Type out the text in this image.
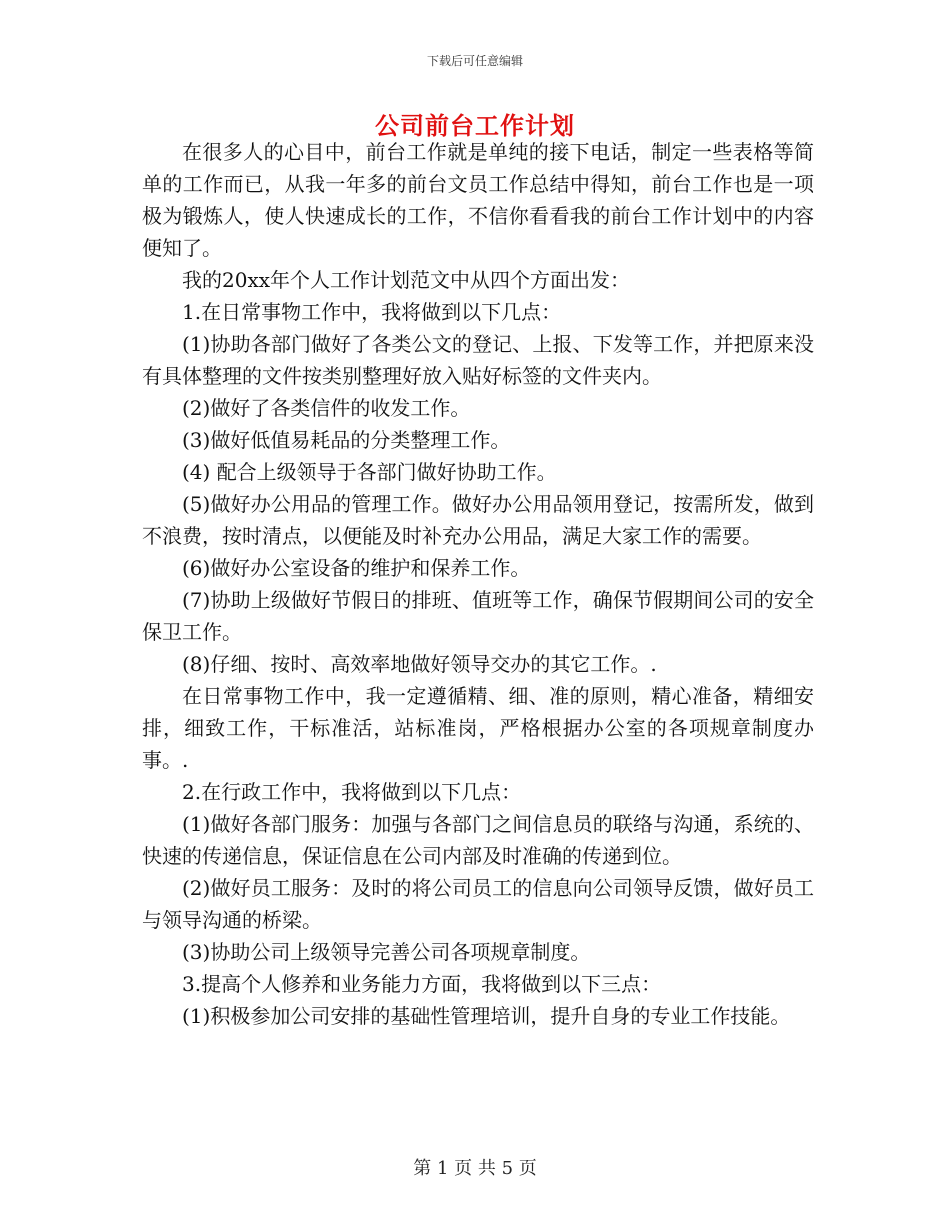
下载后可任意编辑
公司前台工作计划

在很多人的心目中，前台工作就是单纯的接下电话，制定一些表格等简单的工作而已，从我一年多的前台文员工作总结中得知，前台工作也是一项极为锻炼人，使人快速成长的工作，不信你看看我的前台工作计划中的内容便知了。

我的20xx年个人工作计划范文中从四个方面出发：

1.在日常事物工作中，我将做到以下几点：

(1)协助各部门做好了各类公文的登记、上报、下发等工作，并把原来没有具体整理的文件按类别整理好放入贴好标签的文件夹内。

(2)做好了各类信件的收发工作。

(3)做好低值易耗品的分类整理工作。

(4) 配合上级领导于各部门做好协助工作。

(5)做好办公用品的管理工作。做好办公用品领用登记，按需所发，做到不浪费，按时清点，以便能及时补充办公用品，满足大家工作的需要。

(6)做好办公室设备的维护和保养工作。

(7)协助上级做好节假日的排班、值班等工作，确保节假期间公司的安全保卫工作。

(8)仔细、按时、高效率地做好领导交办的其它工作。.

在日常事物工作中，我一定遵循精、细、准的原则，精心准备，精细安排，细致工作，干标准活，站标准岗，严格根据办公室的各项规章制度办事。.

2.在行政工作中，我将做到以下几点：

(1)做好各部门服务：加强与各部门之间信息员的联络与沟通，系统的、快速的传递信息，保证信息在公司内部及时准确的传递到位。

(2)做好员工服务：及时的将公司员工的信息向公司领导反馈，做好员工与领导沟通的桥梁。

(3)协助公司上级领导完善公司各项规章制度。

3.提高个人修养和业务能力方面，我将做到以下三点：

(1)积极参加公司安排的基础性管理培训，提升自身的专业工作技能。

第 1 页 共 5 页
